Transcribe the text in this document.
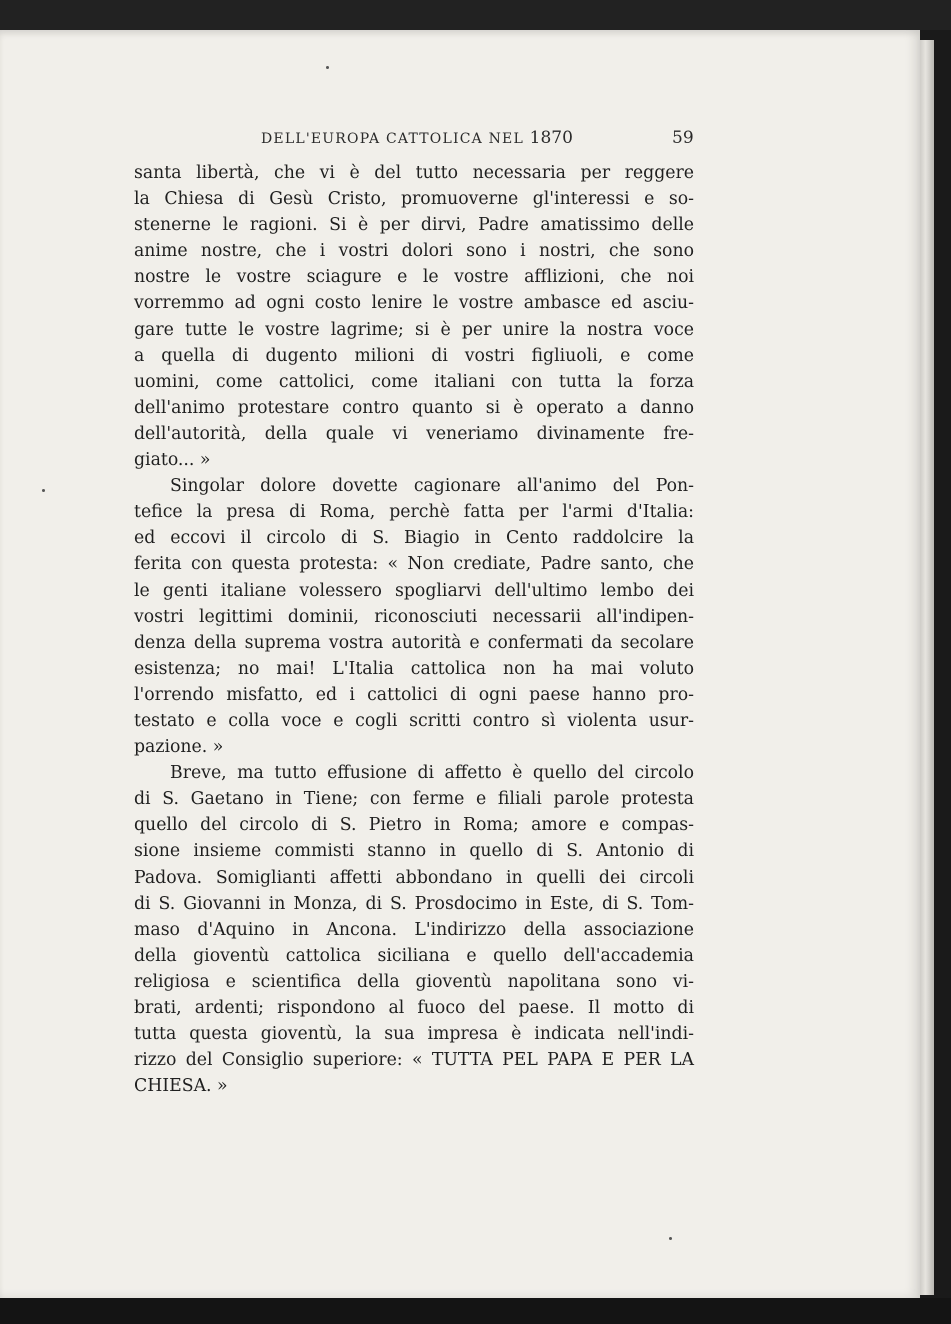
DELL'EUROPA CATTOLICA NEL 1870	59
santa libertà, che vi è del tutto necessaria per reggere
la Chiesa di Gesù Cristo, promuoverne gl'interessi e so-
stenerne le ragioni. Si è per dirvi, Padre amatissimo delle
anime nostre, che i vostri dolori sono i nostri, che sono
nostre le vostre sciagure e le vostre afflizioni, che noi
vorremmo ad ogni costo lenire le vostre ambasce ed asciu-
gare tutte le vostre lagrime; si è per unire la nostra voce
a quella di dugento milioni di vostri figliuoli, e come
uomini, come cattolici, come italiani con tutta la forza
dell'animo protestare contro quanto si è operato a danno
dell'autorità, della quale vi veneriamo divinamente fre-
giato... »
Singolar dolore dovette cagionare all'animo del Pon-
tefice la presa di Roma, perchè fatta per l'armi d'Italia:
ed eccovi il circolo di S. Biagio in Cento raddolcire la
ferita con questa protesta: « Non crediate, Padre santo, che
le genti italiane volessero spogliarvi dell'ultimo lembo dei
vostri legittimi dominii, riconosciuti necessarii all'indipen-
denza della suprema vostra autorità e confermati da secolare
esistenza; no mai! L'Italia cattolica non ha mai voluto
l'orrendo misfatto, ed i cattolici di ogni paese hanno pro-
testato e colla voce e cogli scritti contro sì violenta usur-
pazione. »
Breve, ma tutto effusione di affetto è quello del circolo
di S. Gaetano in Tiene; con ferme e filiali parole protesta
quello del circolo di S. Pietro in Roma; amore e compas-
sione insieme commisti stanno in quello di S. Antonio di
Padova. Somiglianti affetti abbondano in quelli dei circoli
di S. Giovanni in Monza, di S. Prosdocimo in Este, di S. Tom-
maso d'Aquino in Ancona. L'indirizzo della associazione
della gioventù cattolica siciliana e quello dell'accademia
religiosa e scientifica della gioventù napolitana sono vi-
brati, ardenti; rispondono al fuoco del paese. Il motto di
tutta questa gioventù, la sua impresa è indicata nell'indi-
rizzo del Consiglio superiore: « TUTTA PEL PAPA E PER LA
CHIESA. »
